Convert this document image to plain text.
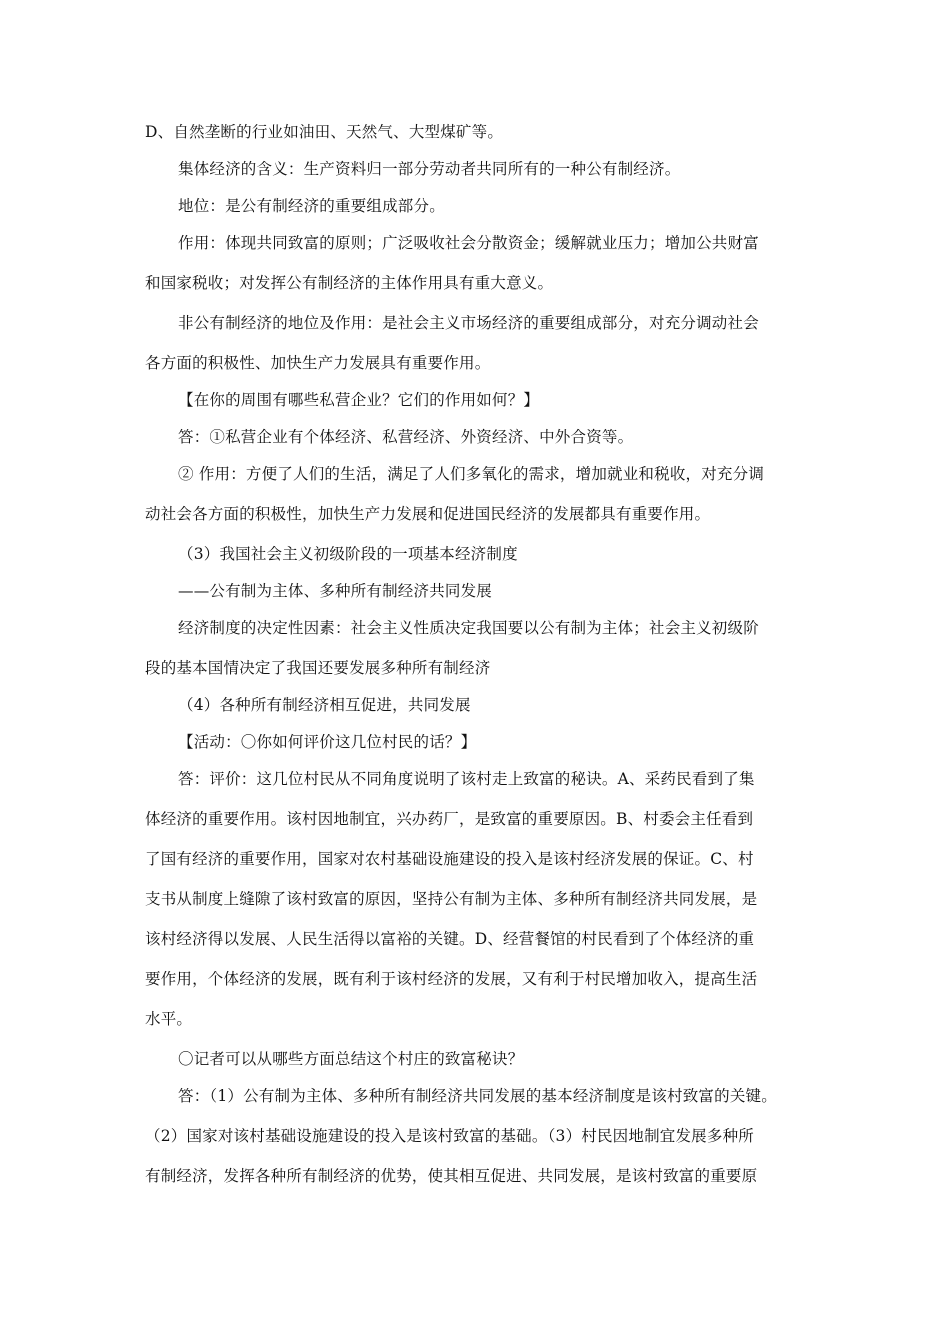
D、自然垄断的行业如油田、天然气、大型煤矿等。
集体经济的含义：生产资料归一部分劳动者共同所有的一种公有制经济。
地位：是公有制经济的重要组成部分。
作用：体现共同致富的原则；广泛吸收社会分散资金；缓解就业压力；增加公共财富
和国家税收；对发挥公有制经济的主体作用具有重大意义。
非公有制经济的地位及作用：是社会主义市场经济的重要组成部分，对充分调动社会
各方面的积极性、加快生产力发展具有重要作用。
【在你的周围有哪些私营企业？它们的作用如何？】
答：①私营企业有个体经济、私营经济、外资经济、中外合资等。
② 作用：方便了人们的生活，满足了人们多氧化的需求，增加就业和税收，对充分调
动社会各方面的积极性，加快生产力发展和促进国民经济的发展都具有重要作用。
（3）我国社会主义初级阶段的一项基本经济制度
——公有制为主体、多种所有制经济共同发展
经济制度的决定性因素：社会主义性质决定我国要以公有制为主体；社会主义初级阶
段的基本国情决定了我国还要发展多种所有制经济
（4）各种所有制经济相互促进，共同发展
【活动：〇你如何评价这几位村民的话？】
答：评价：这几位村民从不同角度说明了该村走上致富的秘诀。A、采药民看到了集
体经济的重要作用。该村因地制宜，兴办药厂，是致富的重要原因。B、村委会主任看到
了国有经济的重要作用，国家对农村基础设施建设的投入是该村经济发展的保证。C、村
支书从制度上缝隙了该村致富的原因，坚持公有制为主体、多种所有制经济共同发展，是
该村经济得以发展、人民生活得以富裕的关键。D、经营餐馆的村民看到了个体经济的重
要作用，个体经济的发展，既有利于该村经济的发展，又有利于村民增加收入，提高生活
水平。
〇记者可以从哪些方面总结这个村庄的致富秘诀？
答：（1）公有制为主体、多种所有制经济共同发展的基本经济制度是该村致富的关键。
（2）国家对该村基础设施建设的投入是该村致富的基础。（3）村民因地制宜发展多种所
有制经济，发挥各种所有制经济的优势，使其相互促进、共同发展，是该村致富的重要原
